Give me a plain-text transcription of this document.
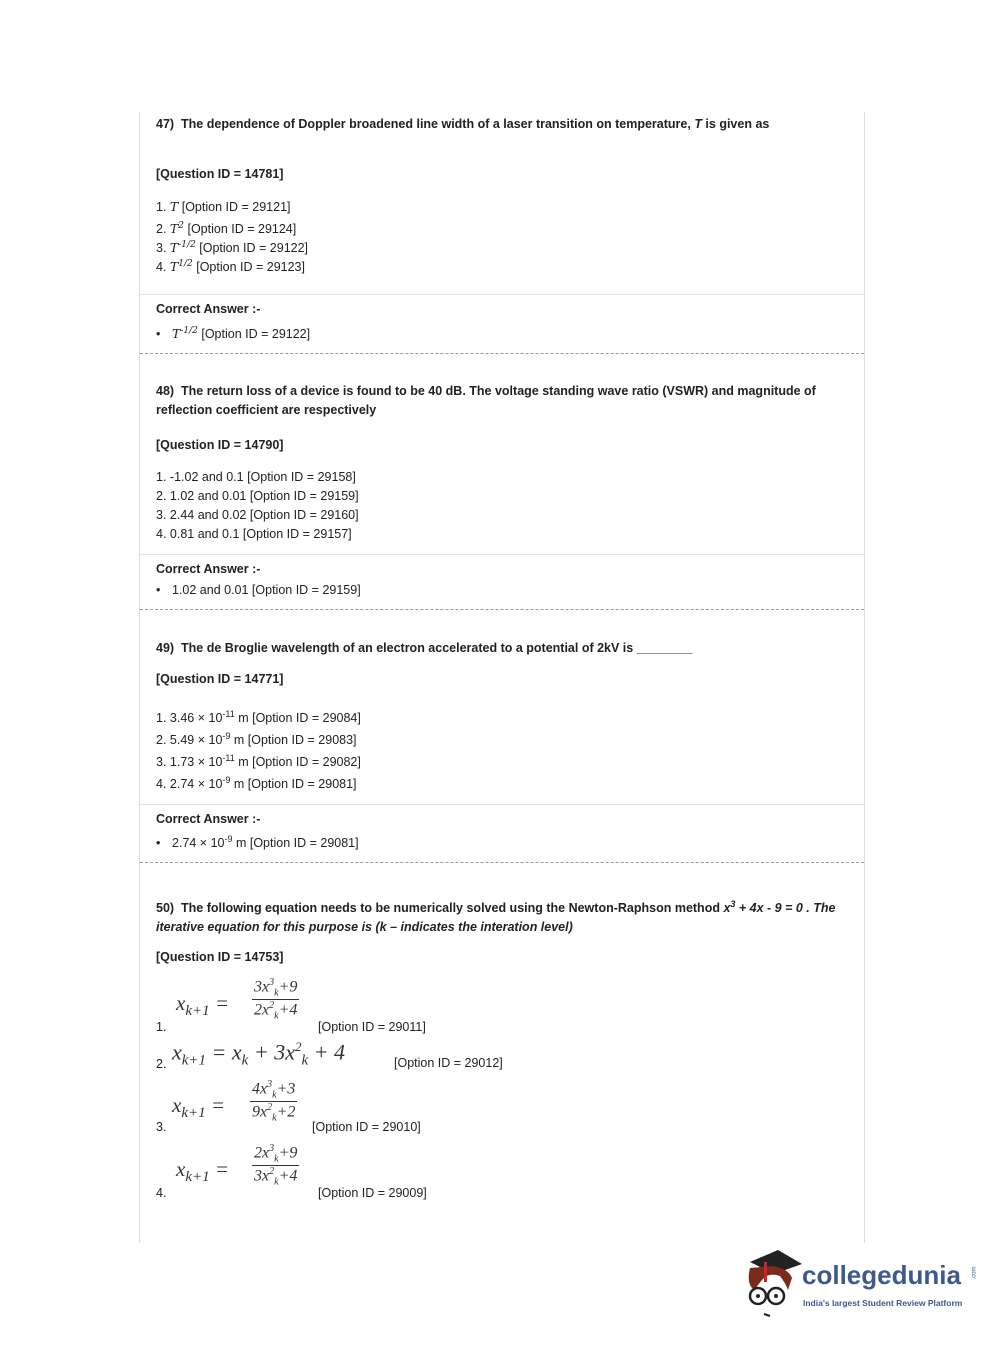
47) The dependence of Doppler broadened line width of a laser transition on temperature, T is given as
[Question ID = 14781]
1. T [Option ID = 29121]
2. $T^2$ [Option ID = 29124]
3. $T^{-1/2}$ [Option ID = 29122]
4. $T^{1/2}$ [Option ID = 29123]
Correct Answer :-
• $T^{-1/2}$ [Option ID = 29122]
48) The return loss of a device is found to be 40 dB. The voltage standing wave ratio (VSWR) and magnitude of reflection coefficient are respectively
[Question ID = 14790]
1. -1.02 and 0.1 [Option ID = 29158]
2. 1.02 and 0.01 [Option ID = 29159]
3. 2.44 and 0.02 [Option ID = 29160]
4. 0.81 and 0.1 [Option ID = 29157]
Correct Answer :-
• 1.02 and 0.01 [Option ID = 29159]
49) The de Broglie wavelength of an electron accelerated to a potential of 2kV is ________
[Question ID = 14771]
1. $3.46 \times 10^{-11}$ m [Option ID = 29084]
2. $5.49 \times 10^{-9}$ m [Option ID = 29083]
3. $1.73 \times 10^{-11}$ m [Option ID = 29082]
4. $2.74 \times 10^{-9}$ m [Option ID = 29081]
Correct Answer :-
• $2.74 \times 10^{-9}$ m [Option ID = 29081]
50) The following equation needs to be numerically solved using the Newton-Raphson method $x^3 + 4x - 9 = 0$ . The iterative equation for this purpose is (k – indicates the interation level)
[Question ID = 14753]
1.
$x_{k+1} = \frac{3x^3_k+9}{2x^2_k+4}$
[Option ID = 29011]
2. $x_{k+1} = x_k + 3x^2_k + 4$	[Option ID = 29012]
3.
$x_{k+1} = \frac{4x^3_k+3}{9x^2_k+2}$
[Option ID = 29010]
4.
$x_{k+1} = \frac{2x^3_k+9}{3x^2_k+4}$
[Option ID = 29009]
collegedunia .com
India's largest Student Review Platform
